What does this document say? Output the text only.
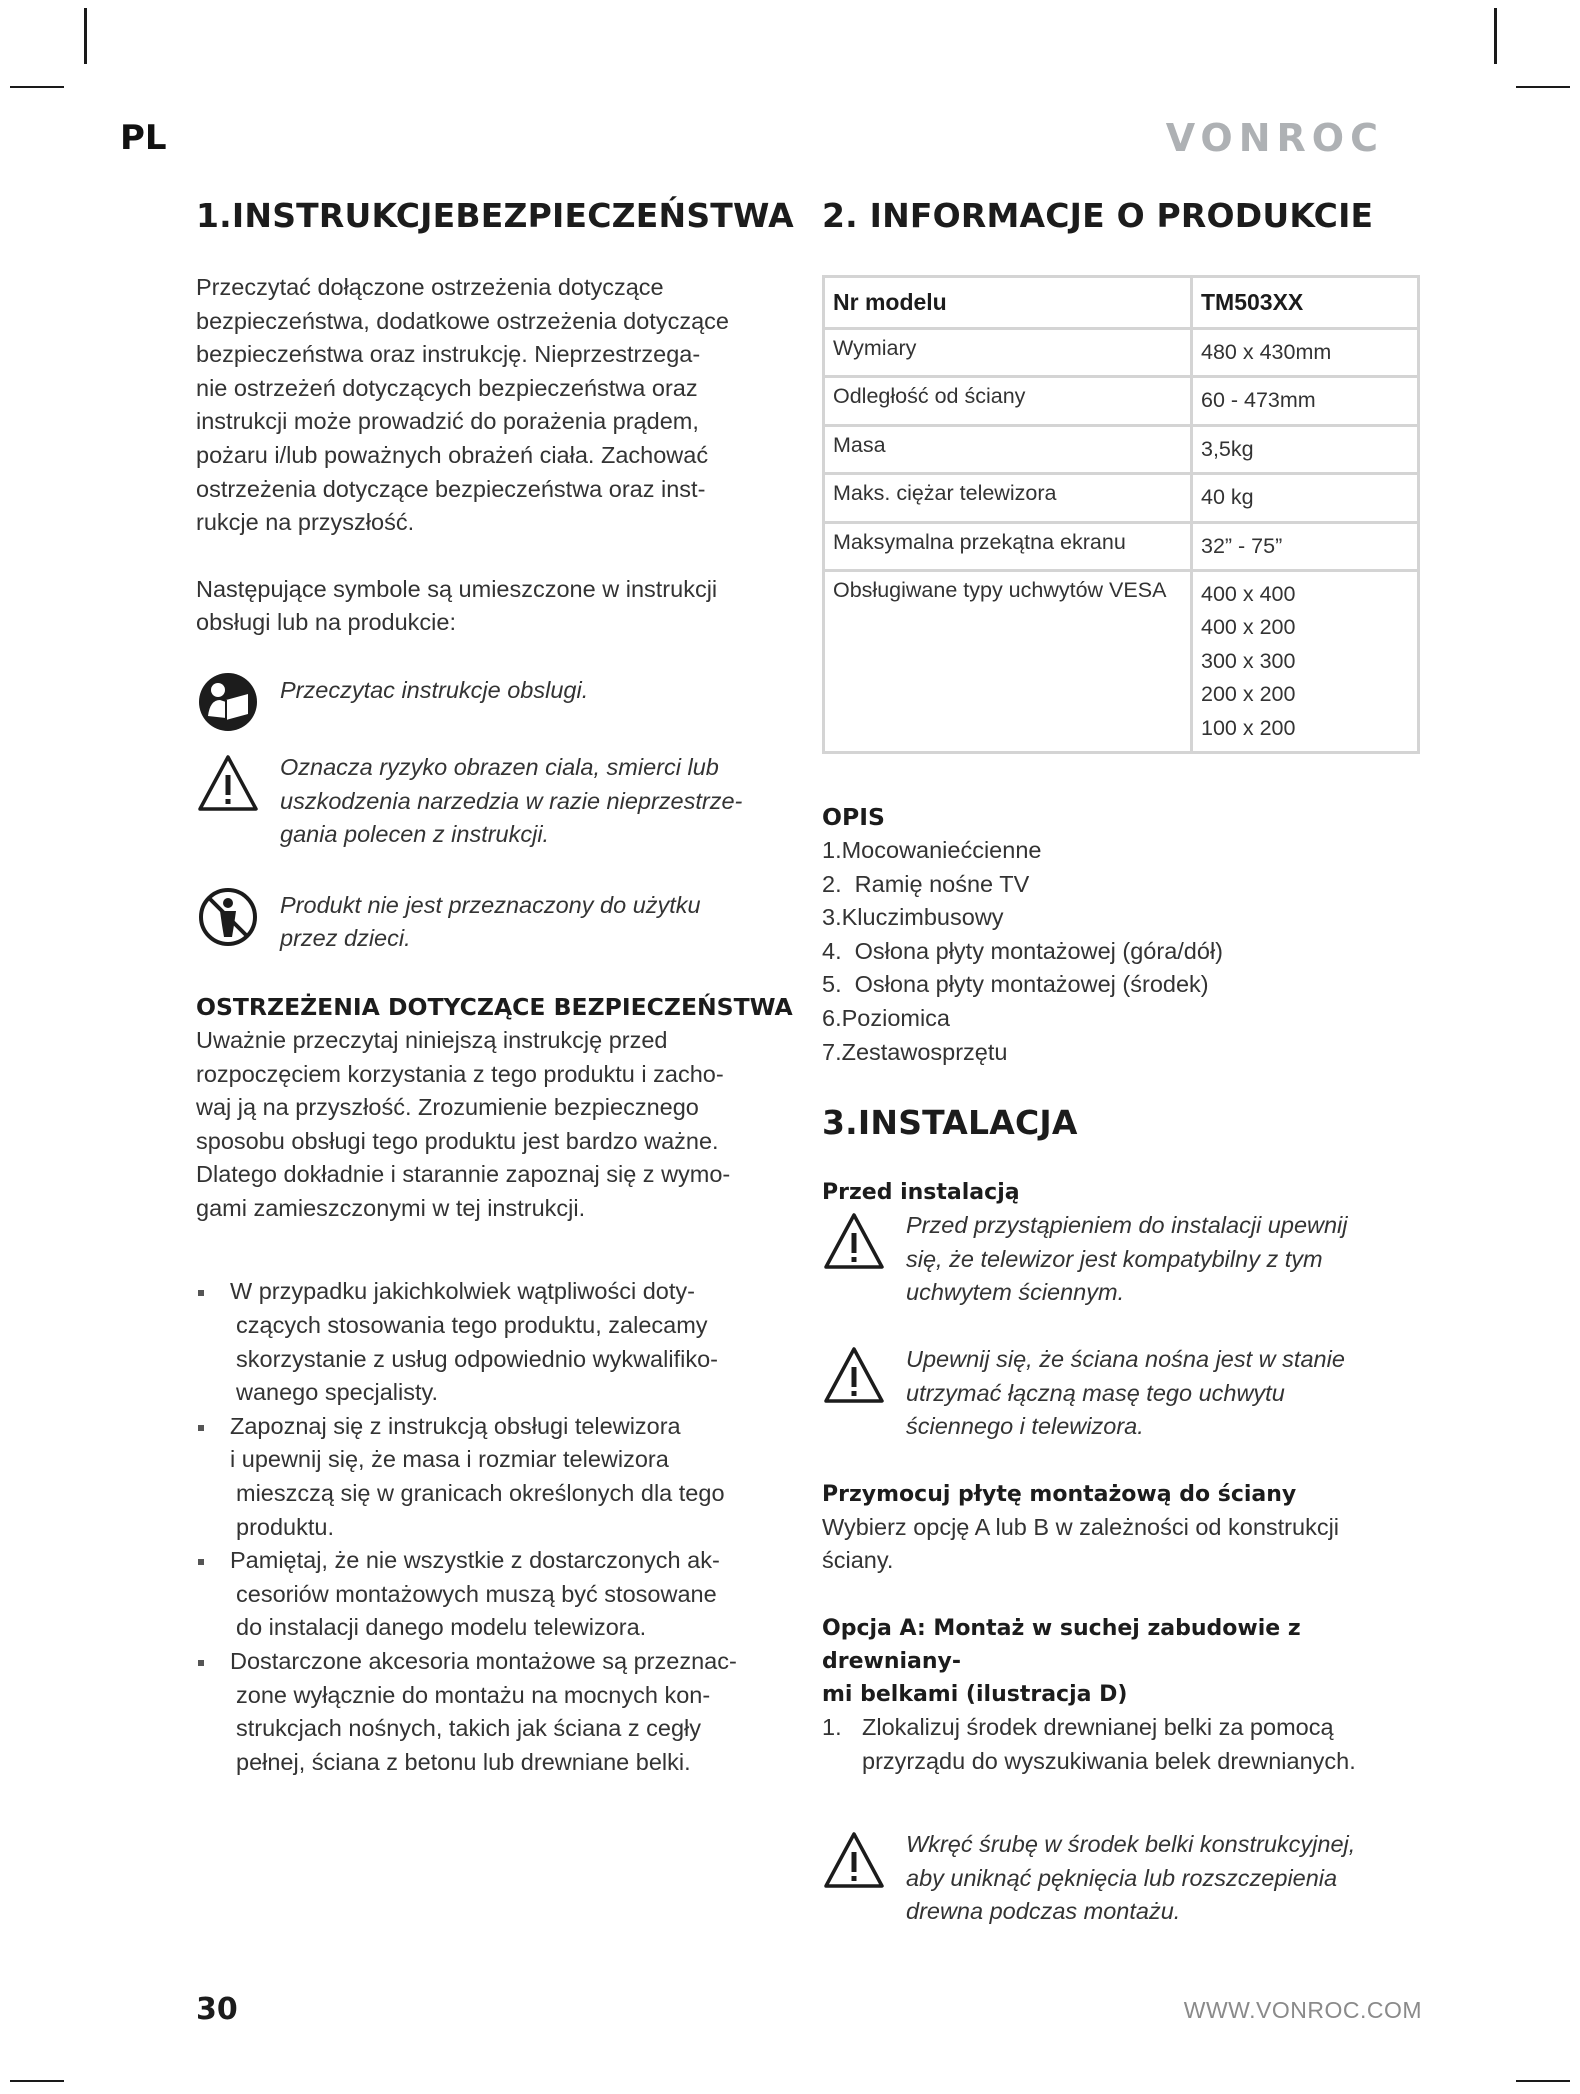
PL	VONROC
1.INSTRUKCJEBEZPIECZEŃSTWA

Przeczytać dołączone ostrzeżenia dotyczące
bezpieczeństwa, dodatkowe ostrzeżenia dotyczące
bezpieczeństwa oraz instrukcję. Nieprzestrzega-
nie ostrzeżeń dotyczących bezpieczeństwa oraz
instrukcji może prowadzić do porażenia prądem,
pożaru i/lub poważnych obrażeń ciała. Zachować
ostrzeżenia dotyczące bezpieczeństwa oraz inst-
rukcje na przyszłość.

Następujące symbole są umieszczone w instrukcji
obsługi lub na produkcie:

Przeczytac instrukcje obslugi.
Oznacza ryzyko obrazen ciala, smierci lub
uszkodzenia narzedzia w razie nieprzestrze-
gania polecen z instrukcji.
Produkt nie jest przeznaczony do użytku
przez dzieci.
OSTRZEŻENIA DOTYCZĄCE BEZPIECZEŃSTWA

Uważnie przeczytaj niniejszą instrukcję przed
rozpoczęciem korzystania z tego produktu i zacho-
waj ją na przyszłość. Zrozumienie bezpiecznego
sposobu obsługi tego produktu jest bardzo ważne.
Dlatego dokładnie i starannie zapoznaj się z wymo-
gami zamieszczonymi w tej instrukcji.

W przypadku jakichkolwiek wątpliwości doty-
czących stosowania tego produktu, zalecamy
skorzystanie z usług odpowiednio wykwalifiko-
wanego specjalisty.
Zapoznaj się z instrukcją obsługi telewizora
i upewnij się, że masa i rozmiar telewizora
mieszczą się w granicach określonych dla tego
produktu.
Pamiętaj, że nie wszystkie z dostarczonych ak-
cesoriów montażowych muszą być stosowane
do instalacji danego modelu telewizora.
Dostarczone akcesoria montażowe są przeznac-
zone wyłącznie do montażu na mocnych kon-
strukcjach nośnych, takich jak ściana z cegły
pełnej, ściana z betonu lub drewniane belki.
2. INFORMACJE O PRODUKCIE
Nr modelu	TM503XX
Wymiary	480 x 430mm

Odległość od ściany	60 - 473mm

Masa	3,5kg

Maks. ciężar telewizora	40 kg

Maksymalna przekątna ekranu	32” - 75”

Obsługiwane typy uchwytów VESA	400 x 400
400 x 200
300 x 300
200 x 200
100 x 200
OPIS
1.Mocowaniećcienne
2.  Ramię nośne TV
3.Kluczimbusowy
4.  Osłona płyty montażowej (góra/dół)
5.  Osłona płyty montażowej (środek)
6.Poziomica
7.Zestawosprzętu
3.INSTALACJA
Przed instalacją
Przed przystąpieniem do instalacji upewnij
się, że telewizor jest kompatybilny z tym
uchwytem ściennym.
Upewnij się, że ściana nośna jest w stanie
utrzymać łączną masę tego uchwytu
ściennego i telewizora.
Przymocuj płytę montażową do ściany

Wybierz opcję A lub B w zależności od konstrukcji
ściany.

Opcja A: Montaż w suchej zabudowie z drewniany-
mi belkami (ilustracja D)
1. Zlokalizuj środek drewnianej belki za pomocą
przyrządu do wyszukiwania belek drewnianych.

Wkręć śrubę w środek belki konstrukcyjnej,
aby uniknąć pęknięcia lub rozszczepienia
drewna podczas montażu.
30	WWW.VONROC.COM
